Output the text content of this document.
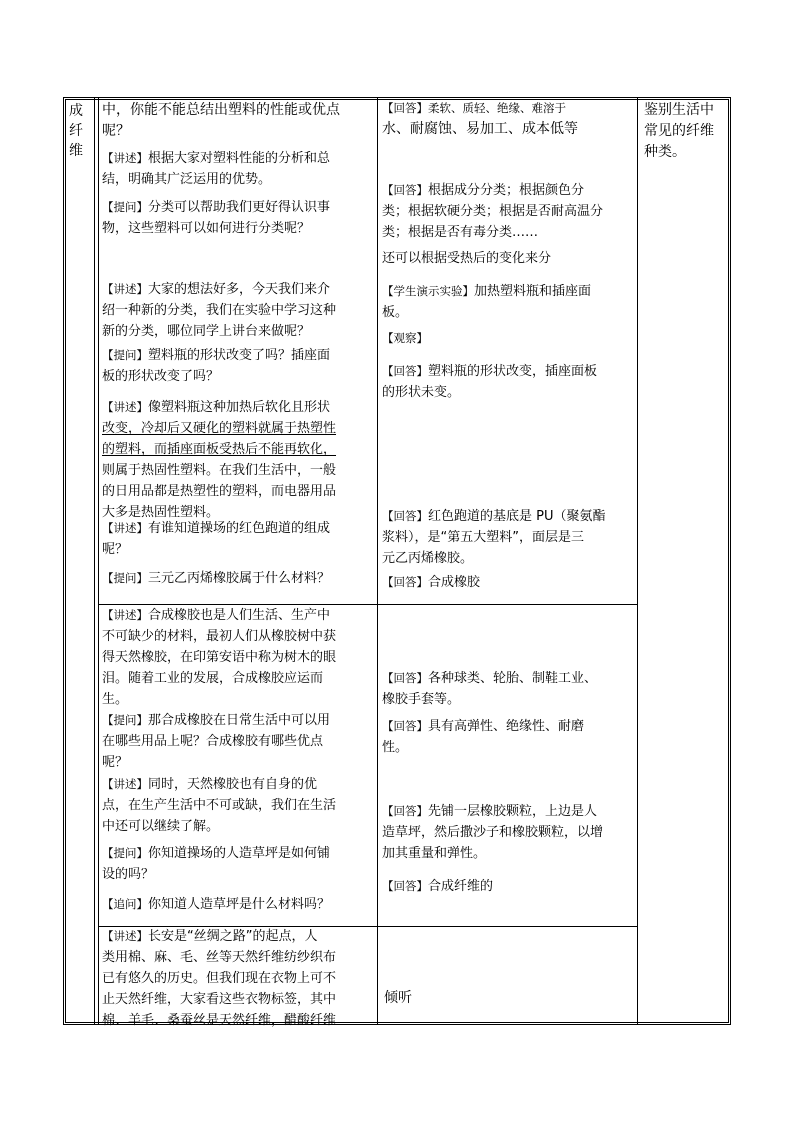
成
纤
维
鉴别生活中
常见的纤维
种类。
中，你能不能总结出塑料的性能或优点
呢？
【讲述】根据大家对塑料性能的分析和总
结，明确其广泛运用的优势。
【提问】分类可以帮助我们更好得认识事
物，这些塑料可以如何进行分类呢？
【讲述】大家的想法好多，今天我们来介
绍一种新的分类，我们在实验中学习这种
新的分类，哪位同学上讲台来做呢？
【提问】塑料瓶的形状改变了吗？插座面
板的形状改变了吗？
【讲述】像塑料瓶这种加热后软化且形状
改变，冷却后又硬化的塑料就属于热塑性
的塑料，而插座面板受热后不能再软化，
则属于热固性塑料。在我们生活中，一般
的日用品都是热塑性的塑料，而电器用品
大多是热固性塑料。
【讲述】有谁知道操场的红色跑道的组成
呢？
【提问】三元乙丙烯橡胶属于什么材料？
【讲述】合成橡胶也是人们生活、生产中
不可缺少的材料，最初人们从橡胶树中获
得天然橡胶，在印第安语中称为树木的眼
泪。随着工业的发展，合成橡胶应运而
生。
【提问】那合成橡胶在日常生活中可以用
在哪些用品上呢？合成橡胶有哪些优点
呢？
【讲述】同时，天然橡胶也有自身的优
点，在生产生活中不可或缺，我们在生活
中还可以继续了解。
【提问】你知道操场的人造草坪是如何铺
设的吗？
【追问】你知道人造草坪是什么材料吗？
【讲述】长安是“丝绸之路”的起点，人
类用棉、麻、毛、丝等天然纤维纺纱织布
已有悠久的历史。但我们现在衣物上可不
止天然纤维，大家看这些衣物标签，其中
棉、羊毛、桑蚕丝是天然纤维，醋酸纤维
【回答】柔软、质轻、绝缘、难溶于
水、耐腐蚀、易加工、成本低等
【回答】根据成分分类；根据颜色分
类；根据软硬分类；根据是否耐高温分
类；根据是否有毒分类……
还可以根据受热后的变化来分
【学生演示实验】加热塑料瓶和插座面
板。
【观察】
【回答】塑料瓶的形状改变，插座面板
的形状未变。
【回答】红色跑道的基底是 PU（聚氨酯
浆料），是“第五大塑料”，面层是三
元乙丙烯橡胶。
【回答】合成橡胶
【回答】各种球类、轮胎、制鞋工业、
橡胶手套等。
【回答】具有高弹性、绝缘性、耐磨
性。
【回答】先铺一层橡胶颗粒，上边是人
造草坪，然后撒沙子和橡胶颗粒，以增
加其重量和弹性。
【回答】合成纤维的
倾听
